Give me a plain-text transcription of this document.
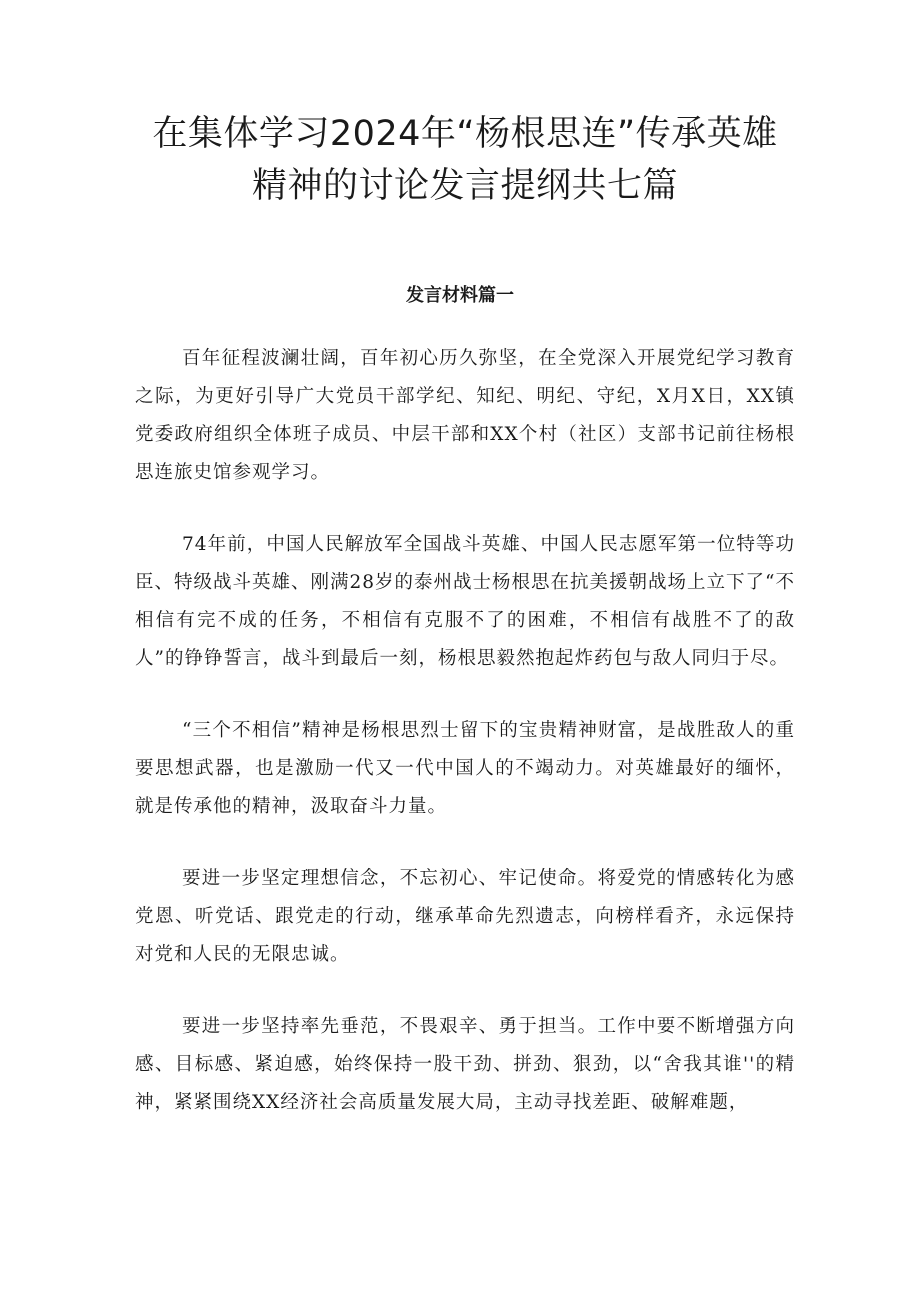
在集体学习2024年“杨根思连”传承英雄
精神的讨论发言提纲共七篇
发言材料篇一

百年征程波澜壮阔，百年初心历久弥坚，在全党深入开展党纪学习教育之际，为更好引导广大党员干部学纪、知纪、明纪、守纪，X月X日，XX镇党委政府组织全体班子成员、中层干部和XX个村（社区）支部书记前往杨根思连旅史馆参观学习。

74年前，中国人民解放军全国战斗英雄、中国人民志愿军第一位特等功臣、特级战斗英雄、刚满28岁的泰州战士杨根思在抗美援朝战场上立下了“不相信有完不成的任务，不相信有克服不了的困难，不相信有战胜不了的敌人”的铮铮誓言，战斗到最后一刻，杨根思毅然抱起炸药包与敌人同归于尽。

“三个不相信”精神是杨根思烈士留下的宝贵精神财富，是战胜敌人的重要思想武器，也是激励一代又一代中国人的不竭动力。对英雄最好的缅怀，就是传承他的精神，汲取奋斗力量。

要进一步坚定理想信念，不忘初心、牢记使命。将爱党的情感转化为感党恩、听党话、跟党走的行动，继承革命先烈遗志，向榜样看齐，永远保持对党和人民的无限忠诚。

要进一步坚持率先垂范，不畏艰辛、勇于担当。工作中要不断增强方向感、目标感、紧迫感，始终保持一股干劲、拼劲、狠劲，以“舍我其谁''的精神，紧紧围绕XX经济社会高质量发展大局，主动寻找差距、破解难题，
